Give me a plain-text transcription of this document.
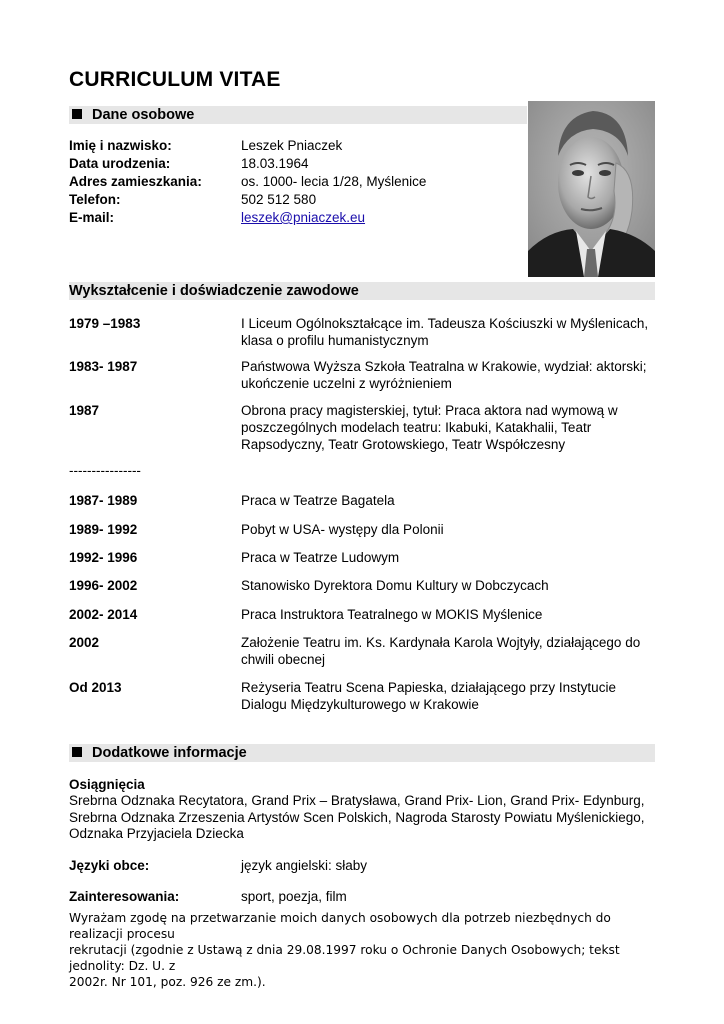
CURRICULUM VITAE
Dane osobowe
Imię i nazwisko:	Leszek Pniaczek
Data urodzenia:	18.03.1964
Adres zamieszkania:	os. 1000- lecia 1/28, Myślenice
Telefon:	502 512 580
E-mail:	leszek@pniaczek.eu
Wykształcenie i doświadczenie zawodowe
1979 –1983	I Liceum Ogólnokształcące im. Tadeusza Kościuszki w Myślenicach,
klasa o profilu humanistycznym
1983- 1987	Państwowa Wyższa Szkoła Teatralna w Krakowie, wydział: aktorski;
ukończenie uczelni z wyróżnieniem
1987	Obrona pracy magisterskiej, tytuł: Praca aktora nad wymową w
poszczególnych modelach teatru: Ikabuki, Katakhalii, Teatr
Rapsodyczny, Teatr Grotowskiego, Teatr Współczesny
----------------
1987- 1989	Praca w Teatrze Bagatela
1989- 1992	Pobyt w USA- występy dla Polonii
1992- 1996	Praca w Teatrze Ludowym
1996- 2002	Stanowisko Dyrektora Domu Kultury w Dobczycach
2002- 2014	Praca Instruktora Teatralnego w MOKIS Myślenice
2002	Założenie Teatru im. Ks. Kardynała Karola Wojtyły, działającego do
chwili obecnej
Od 2013	Reżyseria Teatru Scena Papieska, działającego przy Instytucie
Dialogu Międzykulturowego w Krakowie
Dodatkowe informacje
Osiągnięcia
Srebrna Odznaka Recytatora, Grand Prix – Bratysława, Grand Prix- Lion, Grand Prix- Edynburg,
Srebrna Odznaka Zrzeszenia Artystów Scen Polskich, Nagroda Starosty Powiatu Myślenickiego,
Odznaka Przyjaciela Dziecka
Języki obce:	język angielski: słaby
Zainteresowania:	sport, poezja, film
Wyrażam zgodę na przetwarzanie moich danych osobowych dla potrzeb niezbędnych do realizacji procesu
rekrutacji (zgodnie z Ustawą z dnia 29.08.1997 roku o Ochronie Danych Osobowych; tekst jednolity: Dz. U. z
2002r. Nr 101, poz. 926 ze zm.).
